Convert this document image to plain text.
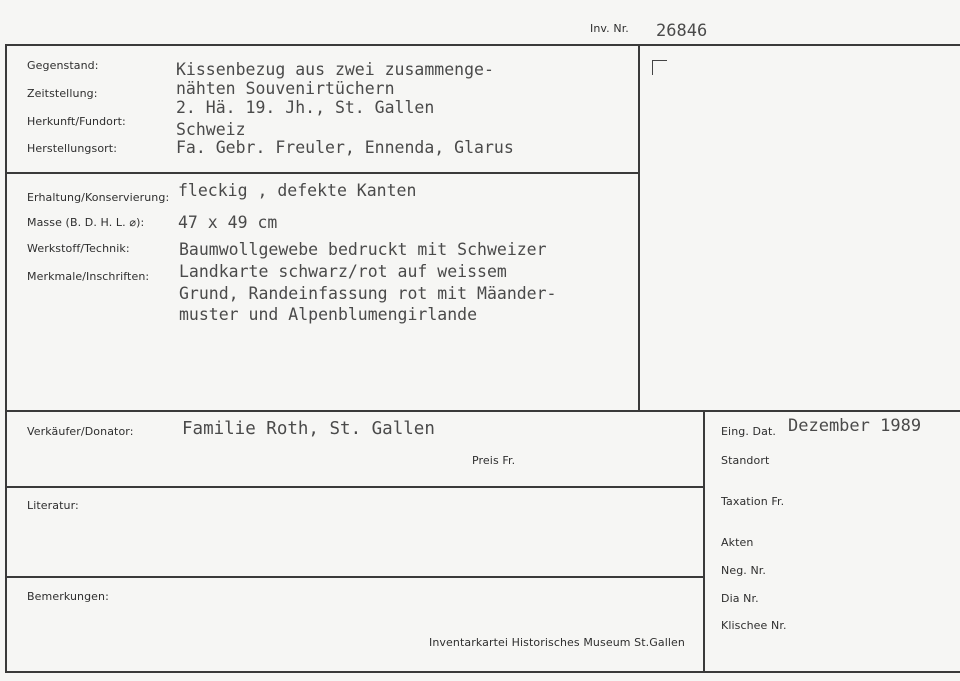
Inv. Nr. 26846
Gegenstand:
Zeitstellung:
Herkunft/Fundort:
Herstellungsort:
Kissenbezug aus zwei zusammenge-
nähten Souvenirtüchern
2. Hä. 19. Jh., St. Gallen
Schweiz
Fa. Gebr. Freuler, Ennenda, Glarus
Erhaltung/Konservierung: fleckig , defekte Kanten
Masse (B. D. H. L. ⌀): 47 x 49 cm
Werkstoff/Technik:
Merkmale/Inschriften:
Baumwollgewebe bedruckt mit Schweizer
Landkarte schwarz/rot auf weissem
Grund, Randeinfassung rot mit Mäander-
muster und Alpenblumengirlande
Verkäufer/Donator:	Familie Roth, St. Gallen
Preis Fr.
Eing. Dat. Dezember 1989
Standort
Taxation Fr.
Akten
Neg. Nr.
Dia Nr.
Klischee Nr.
Literatur:
Bemerkungen:
Inventarkartei Historisches Museum St.Gallen
